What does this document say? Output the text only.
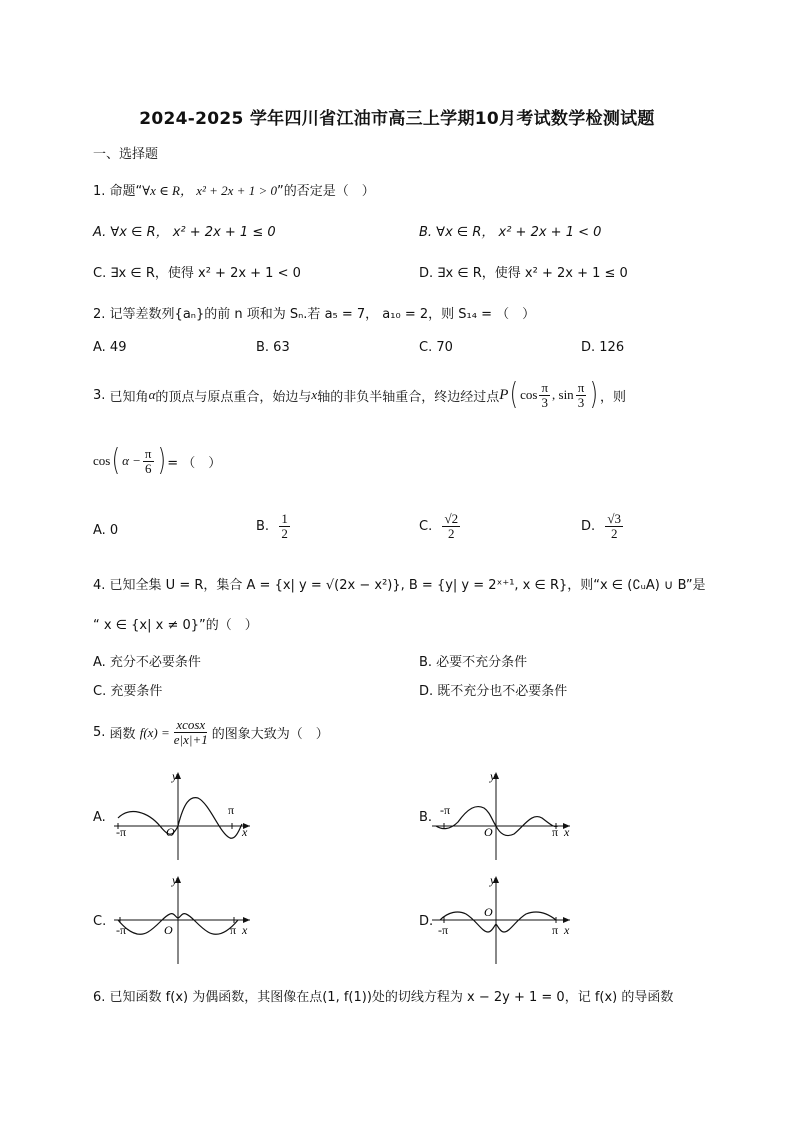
2024-2025 学年四川省江油市高三上学期10月考试数学检测试题
一、选择题
1. 命题“∀x ∈ R， x² + 2x + 1 > 0”的否定是（　）
A. ∀x ∈ R， x² + 2x + 1 ≤ 0	B. ∀x ∈ R， x² + 2x + 1 < 0
C. ∃x ∈ R，使得 x² + 2x + 1 < 0	D. ∃x ∈ R，使得 x² + 2x + 1 ≤ 0
2. 记等差数列{aₙ}的前 n 项和为 Sₙ.若 a₅ = 7， a₁₀ = 2，则 S₁₄ = （　）
A. 49	B. 63	C. 70	D. 126
3.
已知角 α 的顶点与原点重合，始边与 x 轴的非负半轴重合，终边经过点 P ( $\cos \frac{\pi}{3}$ , $\sin \frac{\pi}{3}$ ) ，则
cos ( $\alpha - \frac{\pi}{6}$ ) = （　）
A. 0	B.
$\frac{1}{2}$	C.
$\frac{√2}{2}$	D.
$\frac{√3}{2}$
4. 已知全集 U = R，集合 A = {x| y = √(2x − x²)}, B = {y| y = 2ˣ⁺¹, x ∈ R}，则“x ∈ (∁ᵤA) ∪ B”是
“ x ∈ {x| x ≠ 0}”的（　）
A. 充分不必要条件	B. 必要不充分条件
C. 充要条件	D. 既不充分也不必要条件
5.
函数
$f(x) = \frac{xcosx}{e|x|+1}$ 的图象大致为（　）
A.	B.
C.	D.
y
x
O
π
-π
y
x
O	π
-π
y
x
O	π
-π
y
x
O
π
-π
6. 已知函数 f(x) 为偶函数，其图像在点(1, f(1))处的切线方程为 x − 2y + 1 = 0，记 f(x) 的导函数
